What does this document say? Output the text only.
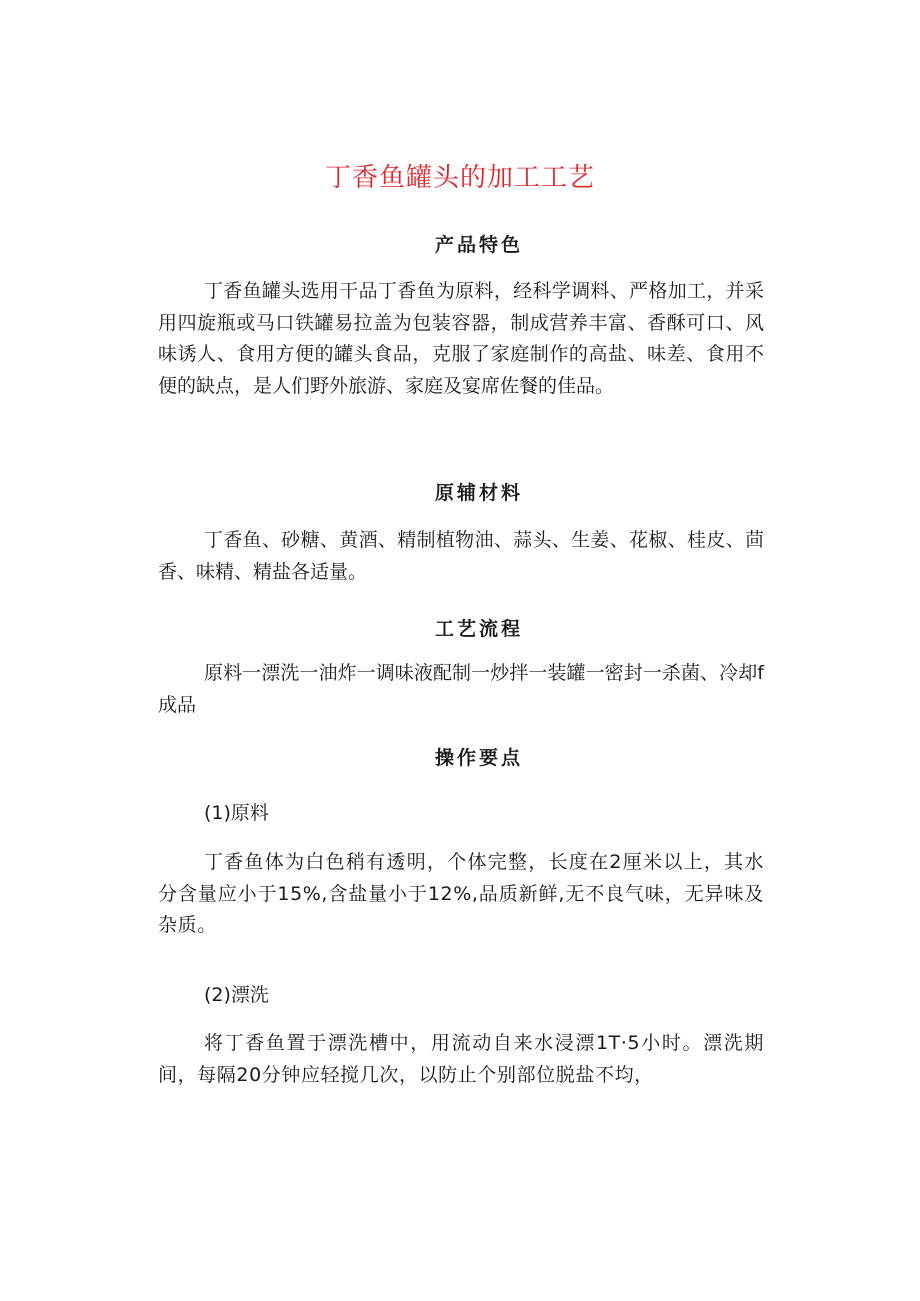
丁香鱼罐头的加工工艺
产品特色
丁香鱼罐头选用干品丁香鱼为原料，经科学调料、严格加工，并采用四旋瓶或马口铁罐易拉盖为包装容器，制成营养丰富、香酥可口、风味诱人、食用方便的罐头食品，克服了家庭制作的高盐、味差、食用不便的缺点，是人们野外旅游、家庭及宴席佐餐的佳品。
原辅材料
丁香鱼、砂糖、黄酒、精制植物油、蒜头、生姜、花椒、桂皮、茴香、味精、精盐各适量。
工艺流程
原料一漂洗一油炸一调味液配制一炒拌一装罐一密封一杀菌、冷却f成品
操作要点
(1)原料
丁香鱼体为白色稍有透明，个体完整，长度在2厘米以上，其水分含量应小于15%,含盐量小于12%,品质新鲜,无不良气味，无异味及杂质。
(2)漂洗
将丁香鱼置于漂洗槽中，用流动自来水浸漂1T·5小时。漂洗期间，每隔20分钟应轻搅几次，以防止个别部位脱盐不均，
